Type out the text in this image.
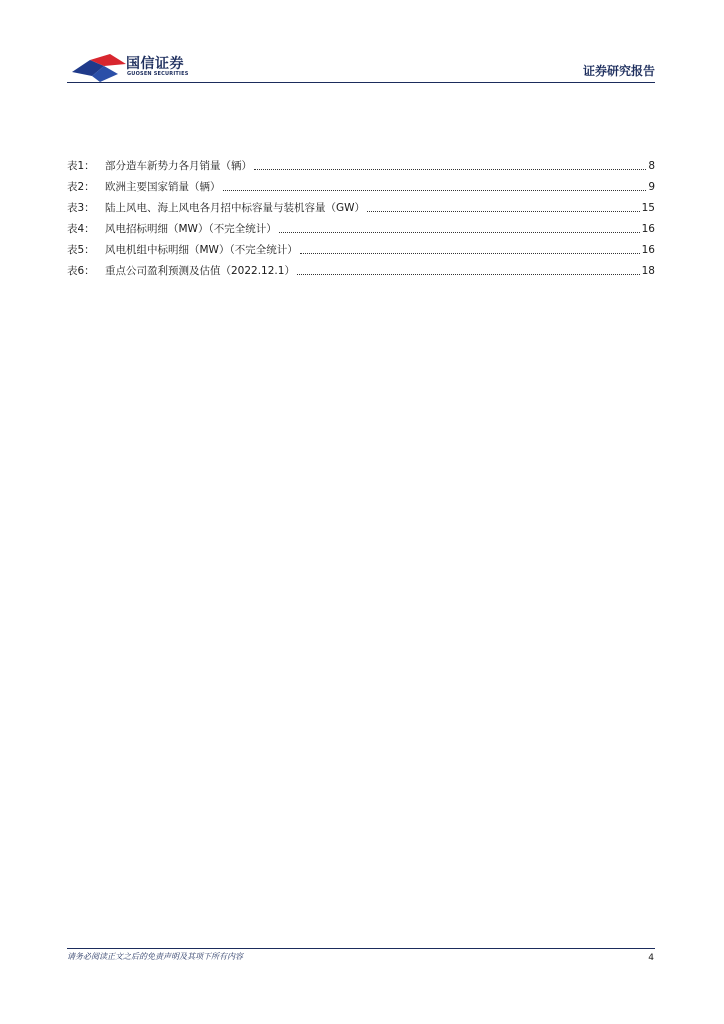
国信证券
GUOSEN SECURITIES	证券研究报告
表1： 部分造车新势力各月销量（辆）	8
表2： 欧洲主要国家销量（辆）	9
表3： 陆上风电、海上风电各月招中标容量与装机容量（GW）	15
表4： 风电招标明细（MW）（不完全统计）	16
表5： 风电机组中标明细（MW）（不完全统计）	16
表6： 重点公司盈利预测及估值（2022.12.1）	18
请务必阅读正文之后的免责声明及其项下所有内容	4
